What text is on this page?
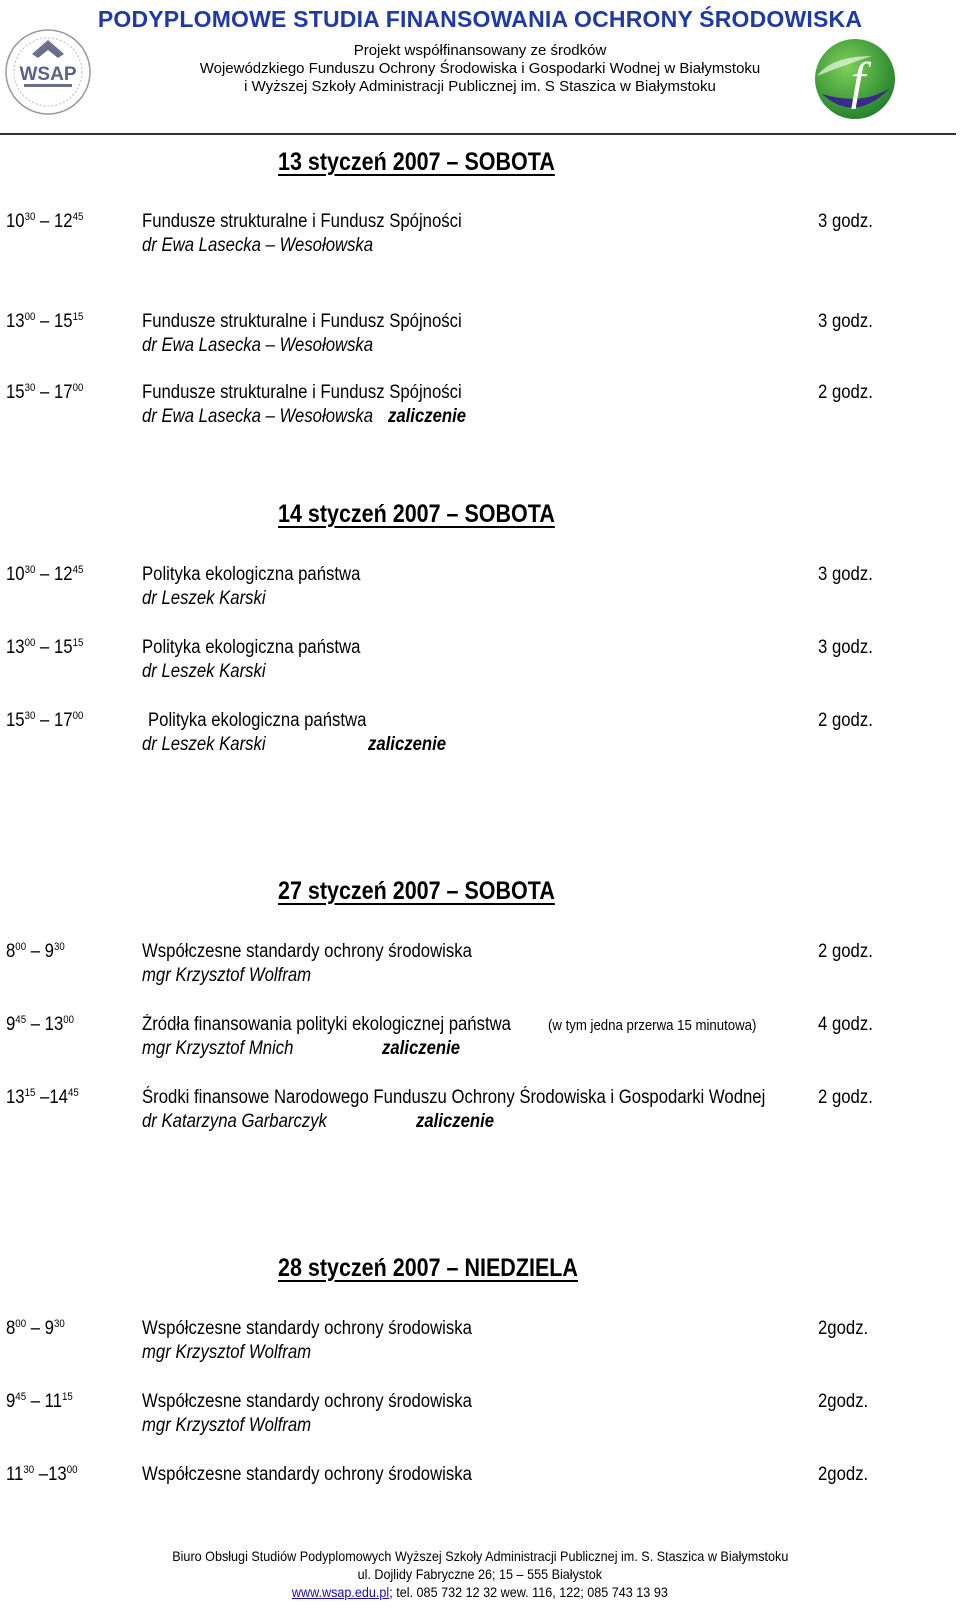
PODYPLOMOWE STUDIA FINANSOWANIA OCHRONY ŚRODOWISKA
Projekt współfinansowany ze środków
Wojewódzkiego Funduszu Ochrony Środowiska i Gospodarki Wodnej w Białymstoku
i Wyższej Szkoły Administracji Publicznej im. S Staszica w Białymstoku
WSAP	f
13 styczeń 2007 – SOBOTA
$10^{30} - 12^{45}$	Fundusze strukturalne i Fundusz Spójności	3 godz.
dr Ewa Lasecka – Wesołowska
$13^{00} - 15^{15}$	Fundusze strukturalne i Fundusz Spójności	3 godz.
dr Ewa Lasecka – Wesołowska
$15^{30} - 17^{00}$	Fundusze strukturalne i Fundusz Spójności	2 godz.
dr Ewa Lasecka – Wesołowska zaliczenie
14 styczeń 2007 – SOBOTA
$10^{30} - 12^{45}$	Polityka ekologiczna państwa	3 godz.
dr Leszek Karski
$13^{00} - 15^{15}$	Polityka ekologiczna państwa	3 godz.
dr Leszek Karski
$15^{30} - 17^{00}$	Polityka ekologiczna państwa	2 godz.
dr Leszek Karski	zaliczenie
27 styczeń 2007 – SOBOTA
$8^{00} - 9^{30}$	Współczesne standardy ochrony środowiska	2 godz.
mgr Krzysztof Wolfram
$9^{45} - 13^{00}$	Źródła finansowania polityki ekologicznej państwa (w tym jedna przerwa 15 minutowa)	4 godz.
mgr Krzysztof Mnich	zaliczenie
$13^{15}$ $-14^{45}$	Środki finansowe Narodowego Funduszu Ochrony Środowiska i Gospodarki Wodnej	2 godz.
dr Katarzyna Garbarczyk	zaliczenie
28 styczeń 2007 – NIEDZIELA
$8^{00} - 9^{30}$	Współczesne standardy ochrony środowiska	2godz.
mgr Krzysztof Wolfram
$9^{45} - 11^{15}$	Współczesne standardy ochrony środowiska	2godz.
mgr Krzysztof Wolfram
$11^{30}$ $-13^{00}$	Współczesne standardy ochrony środowiska	2godz.
Biuro Obsługi Studiów Podyplomowych Wyższej Szkoły Administracji Publicznej im. S. Staszica w Białymstoku
ul. Dojlidy Fabryczne 26; 15 – 555 Białystok
www.wsap.edu.pl; tel. 085 732 12 32 wew. 116, 122; 085 743 13 93
